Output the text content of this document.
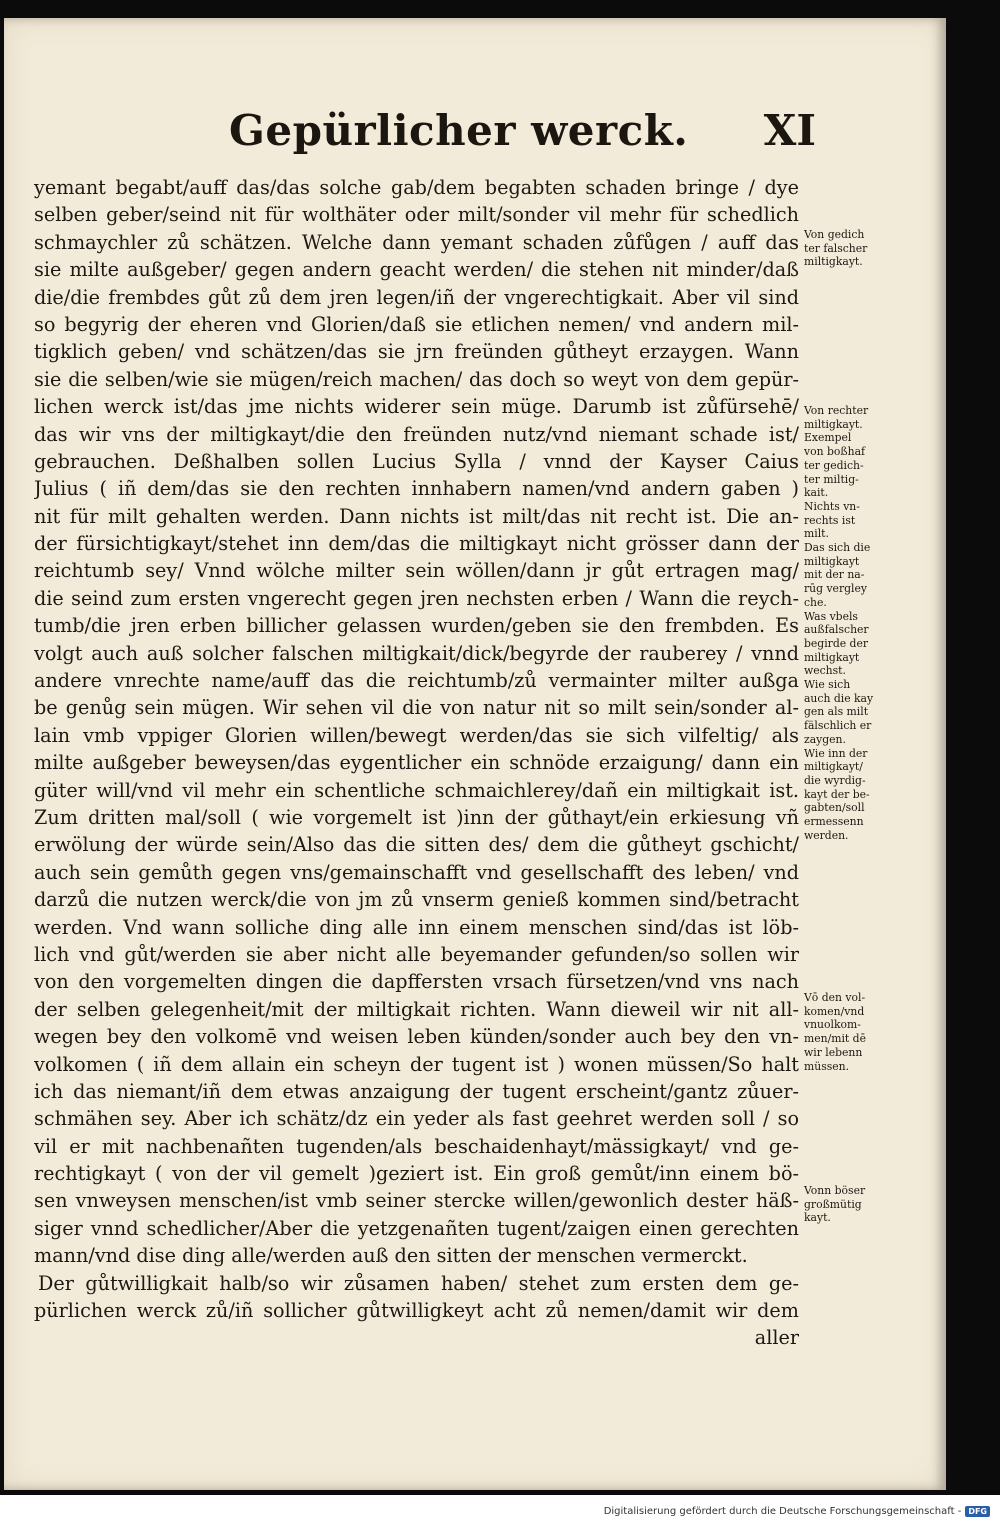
Gepürlicher werck. XI
yemant begabt/auff das/das solche gab/dem begabten schaden bringe / dye
selben geber/seind nit für wolthäter oder milt/sonder vil mehr für schedlich
schmaychler zů schätzen. Welche dann yemant schaden zůfůgen / auff das
sie milte außgeber/ gegen andern geacht werden/ die stehen nit minder/daß
die/die frembdes gůt zů dem jren legen/iñ der vngerechtigkait. Aber vil sind
so begyrig der eheren vnd Glorien/daß sie etlichen nemen/ vnd andern mil-
tigklich geben/ vnd schätzen/das sie jrn freünden gůtheyt erzaygen. Wann
sie die selben/wie sie mügen/reich machen/ das doch so weyt von dem gepür-
lichen werck ist/das jme nichts widerer sein müge. Darumb ist zůfürsehē/
das wir vns der miltigkayt/die den freünden nutz/vnd niemant schade ist/
gebrauchen. Deßhalben sollen Lucius Sylla / vnnd der Kayser Caius
Julius ( iñ dem/das sie den rechten innhabern namen/vnd andern gaben )
nit für milt gehalten werden. Dann nichts ist milt/das nit recht ist. Die an-
der fürsichtigkayt/stehet inn dem/das die miltigkayt nicht grösser dann der
reichtumb sey/ Vnnd wölche milter sein wöllen/dann jr gůt ertragen mag/
die seind zum ersten vngerecht gegen jren nechsten erben / Wann die reych-
tumb/die jren erben billicher gelassen wurden/geben sie den frembden. Es
volgt auch auß solcher falschen miltigkait/dick/begyrde der rauberey / vnnd
andere vnrechte name/auff das die reichtumb/zů vermainter milter außga
be genůg sein mügen. Wir sehen vil die von natur nit so milt sein/sonder al-
lain vmb vppiger Glorien willen/bewegt werden/das sie sich vilfeltig/ als
milte außgeber beweysen/das eygentlicher ein schnöde erzaigung/ dann ein
güter will/vnd vil mehr ein schentliche schmaichlerey/dañ ein miltigkait ist.
Zum dritten mal/soll ( wie vorgemelt ist )inn der gůthayt/ein erkiesung vñ
erwölung der würde sein/Also das die sitten des/ dem die gůtheyt gschicht/
auch sein gemůth gegen vns/gemainschafft vnd gesellschafft des leben/ vnd
darzů die nutzen werck/die von jm zů vnserm genieß kommen sind/betracht
werden. Vnd wann solliche ding alle inn einem menschen sind/das ist löb-
lich vnd gůt/werden sie aber nicht alle beyemander gefunden/so sollen wir
von den vorgemelten dingen die dapffersten vrsach fürsetzen/vnd vns nach
der selben gelegenheit/mit der miltigkait richten. Wann dieweil wir nit all-
wegen bey den volkomē vnd weisen leben künden/sonder auch bey den vn-
volkomen ( iñ dem allain ein scheyn der tugent ist ) wonen müssen/So halt
ich das niemant/iñ dem etwas anzaigung der tugent erscheint/gantz zůuer-
schmähen sey. Aber ich schätz/dz ein yeder als fast geehret werden soll / so
vil er mit nachbenañten tugenden/als beschaidenhayt/mässigkayt/ vnd ge-
rechtigkayt ( von der vil gemelt )geziert ist. Ein groß gemůt/inn einem bö-
sen vnweysen menschen/ist vmb seiner stercke willen/gewonlich dester häß-
siger vnnd schedlicher/Aber die yetzgenañten tugent/zaigen einen gerechten
mann/vnd dise ding alle/werden auß den sitten der menschen vermerckt.
Der gůtwilligkait halb/so wir zůsamen haben/ stehet zum ersten dem ge-
pürlichen werck zů/iñ sollicher gůtwilligkeyt acht zů nemen/damit wir dem
aller
Von gedich
ter falscher
miltigkayt.
Von rechter
miltigkayt.
Exempel
von boßhaf
ter gedich-
ter miltig-
kait.
Nichts vn-
rechts ist
milt.
Das sich die
miltigkayt
mit der na-
rūg vergley
che.
Was vbels
außfalscher
begirde der
miltigkayt
wechst.
Wie sich
auch die kay
gen als milt
fälschlich er
zaygen.
Wie inn der
miltigkayt/
die wyrdig-
kayt der be-
gabten/soll
ermessenn
werden.
Vō den vol-
komen/vnd
vnuolkom-
men/mit dē
wir lebenn
müssen.
Vonn böser
großmütig
kayt.
Digitalisierung gefördert durch die Deutsche Forschungsgemeinschaft - DFG
